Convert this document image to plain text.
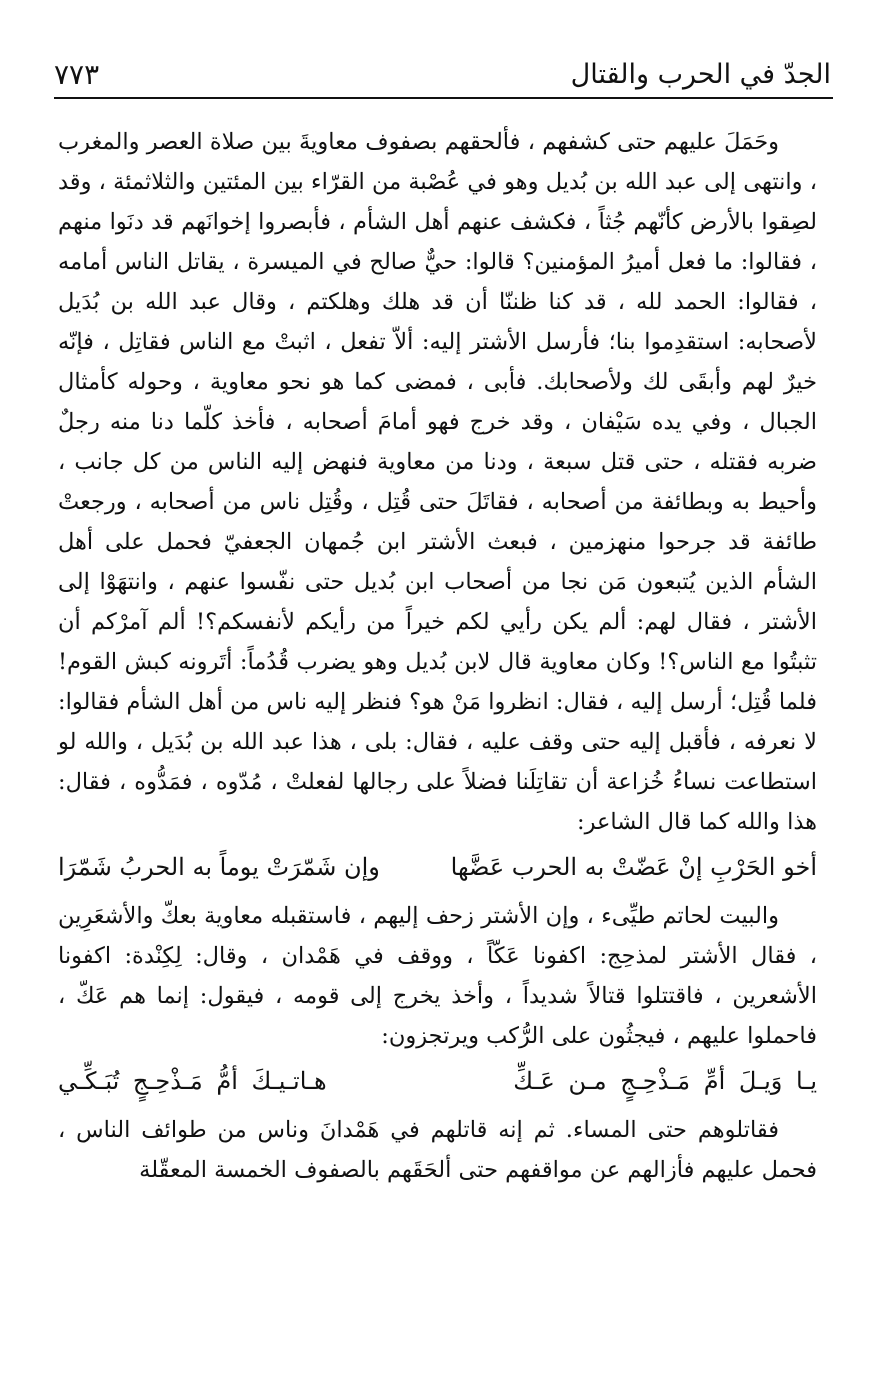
الجدّ في الحرب والقتال
٧٧٣

وحَمَلَ عليهم حتى كشفهم ، فألحقهم بصفوف معاويةَ بين صلاة العصر والمغرب ، وانتهى إلى عبد الله بن بُديل وهو في عُصْبة من القرّاء بين المئتين والثلاثمئة ، وقد لصِقوا بالأرض كأنّهم جُثاً ، فكشف عنهم أهل الشأم ، فأبصروا إخوانَهم قد دنَوا منهم ، فقالوا: ما فعل أميرُ المؤمنين؟ قالوا: حيٌّ صالح في الميسرة ، يقاتل الناس أمامه ، فقالوا: الحمد لله ، قد كنا ظننّا أن قد هلك وهلكتم ، وقال عبد الله بن بُدَيل لأصحابه: استقدِموا بنا؛ فأرسل الأشتر إليه: ألاّ تفعل ، اثبتْ مع الناس فقاتِل ، فإنّه خيرٌ لهم وأبقَى لك ولأصحابك. فأبى ، فمضى كما هو نحو معاوية ، وحوله كأمثال الجبال ، وفي يده سَيْفان ، وقد خرج فهو أمامَ أصحابه ، فأخذ كلّما دنا منه رجلٌ ضربه فقتله ، حتى قتل سبعة ، ودنا من معاوية فنهض إليه الناس من كل جانب ، وأحيط به وبطائفة من أصحابه ، فقاتَلَ حتى قُتِل ، وقُتِل ناس من أصحابه ، ورجعتْ طائفة قد جرحوا منهزمين ، فبعث الأشتر ابن جُمهان الجعفيّ فحمل على أهل الشأم الذين يُتبعون مَن نجا من أصحاب ابن بُديل حتى نفّسوا عنهم ، وانتهَوْا إلى الأشتر ، فقال لهم: ألم يكن رأيي لكم خيراً من رأيكم لأنفسكم؟! ألم آمرْكم أن تثبتُوا مع الناس؟! وكان معاوية قال لابن بُديل وهو يضرب قُدُماً: أتَرونه كبش القوم! فلما قُتِل؛ أرسل إليه ، فقال: انظروا مَنْ هو؟ فنظر إليه ناس من أهل الشأم فقالوا: لا نعرفه ، فأقبل إليه حتى وقف عليه ، فقال: بلى ، هذا عبد الله بن بُدَيل ، والله لو استطاعت نساءُ خُزاعة أن تقاتِلَنا فضلاً على رجالها لفعلتْ ، مُدّوه ، فمَدُّوه ، فقال: هذا والله كما قال الشاعر:

أخو الحَرْبِ إنْ عَضّتْ به الحرب عَضَّها
وإن شَمّرَتْ يوماً به الحربُ شَمّرَا

والبيت لحاتم طيِّىء ، وإن الأشتر زحف إليهم ، فاستقبله معاوية بعكّ والأشعَرِين ، فقال الأشتر لمذحِج: اكفونا عَكّاً ، ووقف في هَمْدان ، وقال: لِكِنْدة: اكفونا الأشعرين ، فاقتتلوا قتالاً شديداً ، وأخذ يخرج إلى قومه ، فيقول: إنما هم عَكّ ، فاحملوا عليهم ، فيجثُون على الرُّكب ويرتجزون:

يـا وَيـلَ أمِّ مَـذْحِـجٍ مـن عَـكِّ
هـاتـيـكَ أمُّ مَـذْحِـجٍ تُبَـكِّـي

فقاتلوهم حتى المساء. ثم إنه قاتلهم في هَمْدانَ وناس من طوائف الناس ، فحمل عليهم فأزالهم عن مواقفهم حتى ألحَقَهم بالصفوف الخمسة المعقّلة
